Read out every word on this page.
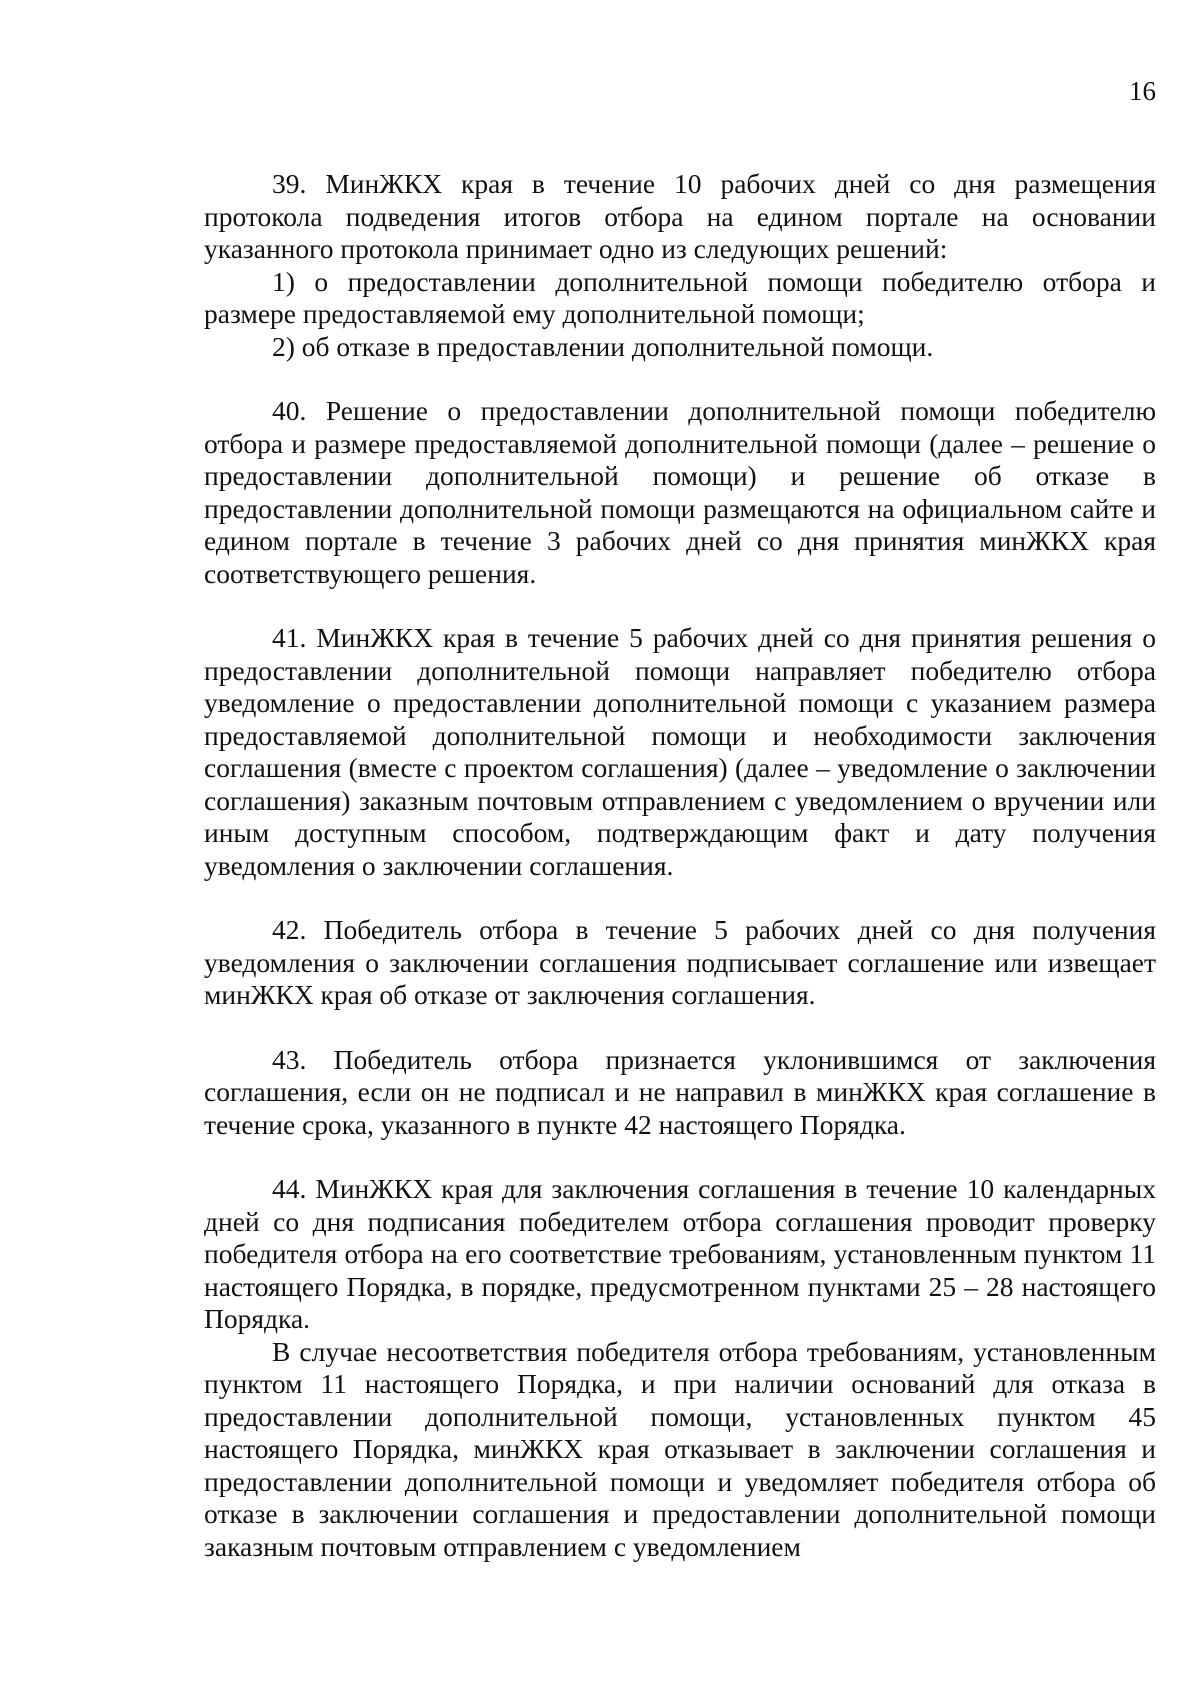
16

39. МинЖКХ края в течение 10 рабочих дней со дня размещения протокола подведения итогов отбора на едином портале на основании указанного протокола принимает одно из следующих решений:

1) о предоставлении дополнительной помощи победителю отбора и размере предоставляемой ему дополнительной помощи;

2) об отказе в предоставлении дополнительной помощи.

40. Решение о предоставлении дополнительной помощи победителю отбора и размере предоставляемой дополнительной помощи (далее – решение о предоставлении дополнительной помощи) и решение об отказе в предоставлении дополнительной помощи размещаются на официальном сайте и едином портале в течение 3 рабочих дней со дня принятия минЖКХ края соответствующего решения.

41. МинЖКХ края в течение 5 рабочих дней со дня принятия решения о предоставлении дополнительной помощи направляет победителю отбора уведомление о предоставлении дополнительной помощи с указанием размера предоставляемой дополнительной помощи и необходимости заключения соглашения (вместе с проектом соглашения) (далее – уведомление о заключении соглашения) заказным почтовым отправлением с уведомлением о вручении или иным доступным способом, подтверждающим факт и дату получения уведомления о заключении соглашения.

42. Победитель отбора в течение 5 рабочих дней со дня получения уведомления о заключении соглашения подписывает соглашение или извещает минЖКХ края об отказе от заключения соглашения.

43. Победитель отбора признается уклонившимся от заключения соглашения, если он не подписал и не направил в минЖКХ края соглашение в течение срока, указанного в пункте 42 настоящего Порядка.

44. МинЖКХ края для заключения соглашения в течение 10 календарных дней со дня подписания победителем отбора соглашения проводит проверку победителя отбора на его соответствие требованиям, установленным пунктом 11 настоящего Порядка, в порядке, предусмотренном пунктами 25 – 28 настоящего Порядка.

В случае несоответствия победителя отбора требованиям, установленным пунктом 11 настоящего Порядка, и при наличии оснований для отказа в предоставлении дополнительной помощи, установленных пунктом 45 настоящего Порядка, минЖКХ края отказывает в заключении соглашения и предоставлении дополнительной помощи и уведомляет победителя отбора об отказе в заключении соглашения и предоставлении дополнительной помощи заказным почтовым отправлением с уведомлением
